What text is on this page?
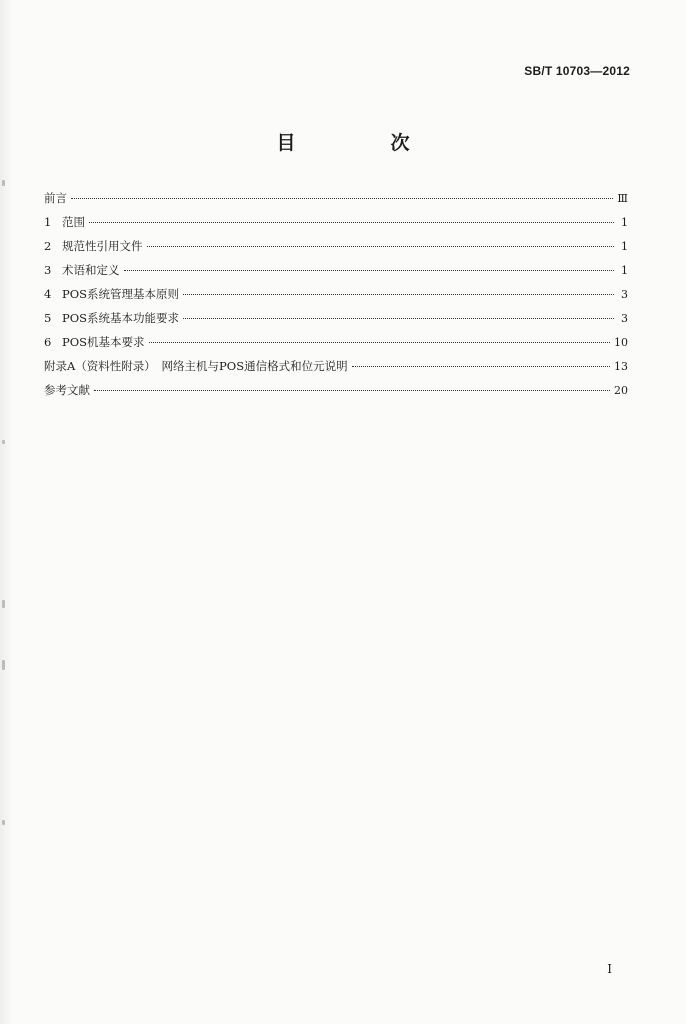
SB/T 10703—2012
目　次
前言	Ⅲ
1 范围	1
2 规范性引用文件	1
3 术语和定义	1
4 POS系统管理基本原则	3
5 POS系统基本功能要求	3
6 POS机基本要求	10
附录A（资料性附录）　网络主机与POS通信格式和位元说明	13
参考文献	20
I
